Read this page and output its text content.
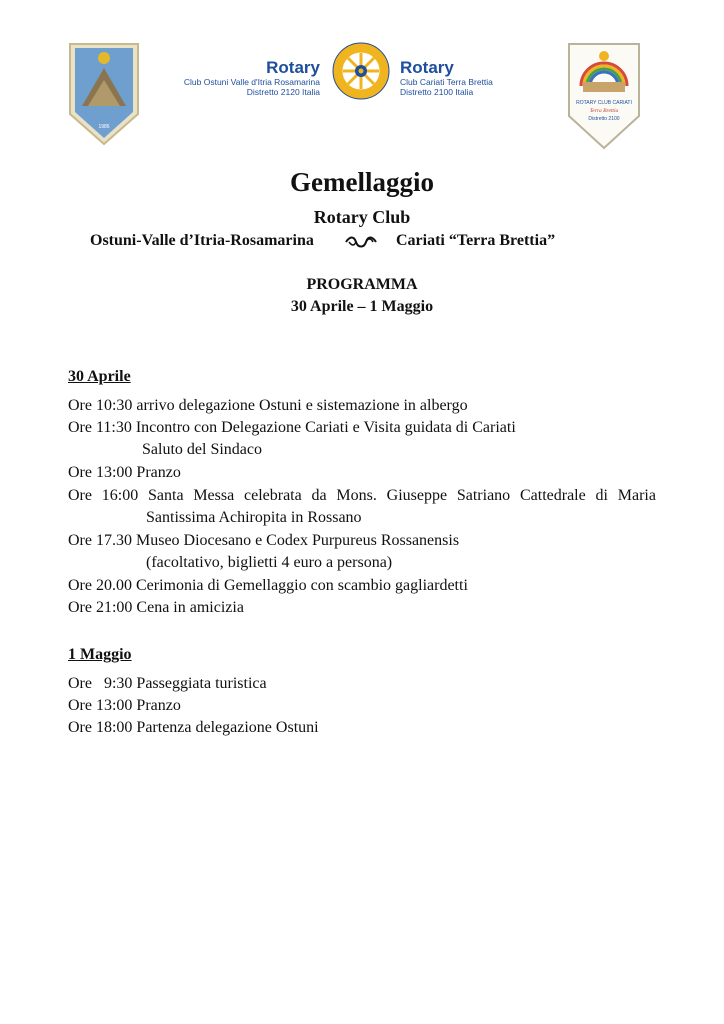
1986
Rotary
Club Ostuni Valle d'Itria Rosamarina
Distretto 2120 Italia
Rotary
Club Cariati Terra Brettia
Distretto 2100 Italia
ROTARY CLUB CARIATI
Terra Brettia
Distretto 2100
Gemellaggio
Rotary Club
Ostuni-Valle d’Itria-Rosamarina	Cariati “Terra Brettia”
PROGRAMMA
30 Aprile – 1 Maggio
30 Aprile
Ore 10:30 arrivo delegazione Ostuni e sistemazione in albergo
Ore 11:30 Incontro con Delegazione Cariati e Visita guidata di Cariati
Saluto del Sindaco
Ore 13:00 Pranzo
Ore 16:00 Santa Messa celebrata da Mons. Giuseppe Satriano Cattedrale di Maria
Santissima Achiropita in Rossano
Ore 17.30 Museo Diocesano e Codex Purpureus Rossanensis
(facoltativo, biglietti 4 euro a persona)
Ore 20.00 Cerimonia di Gemellaggio con scambio gagliardetti
Ore 21:00 Cena in amicizia
1 Maggio
Ore   9:30 Passeggiata turistica
Ore 13:00 Pranzo
Ore 18:00 Partenza delegazione Ostuni
